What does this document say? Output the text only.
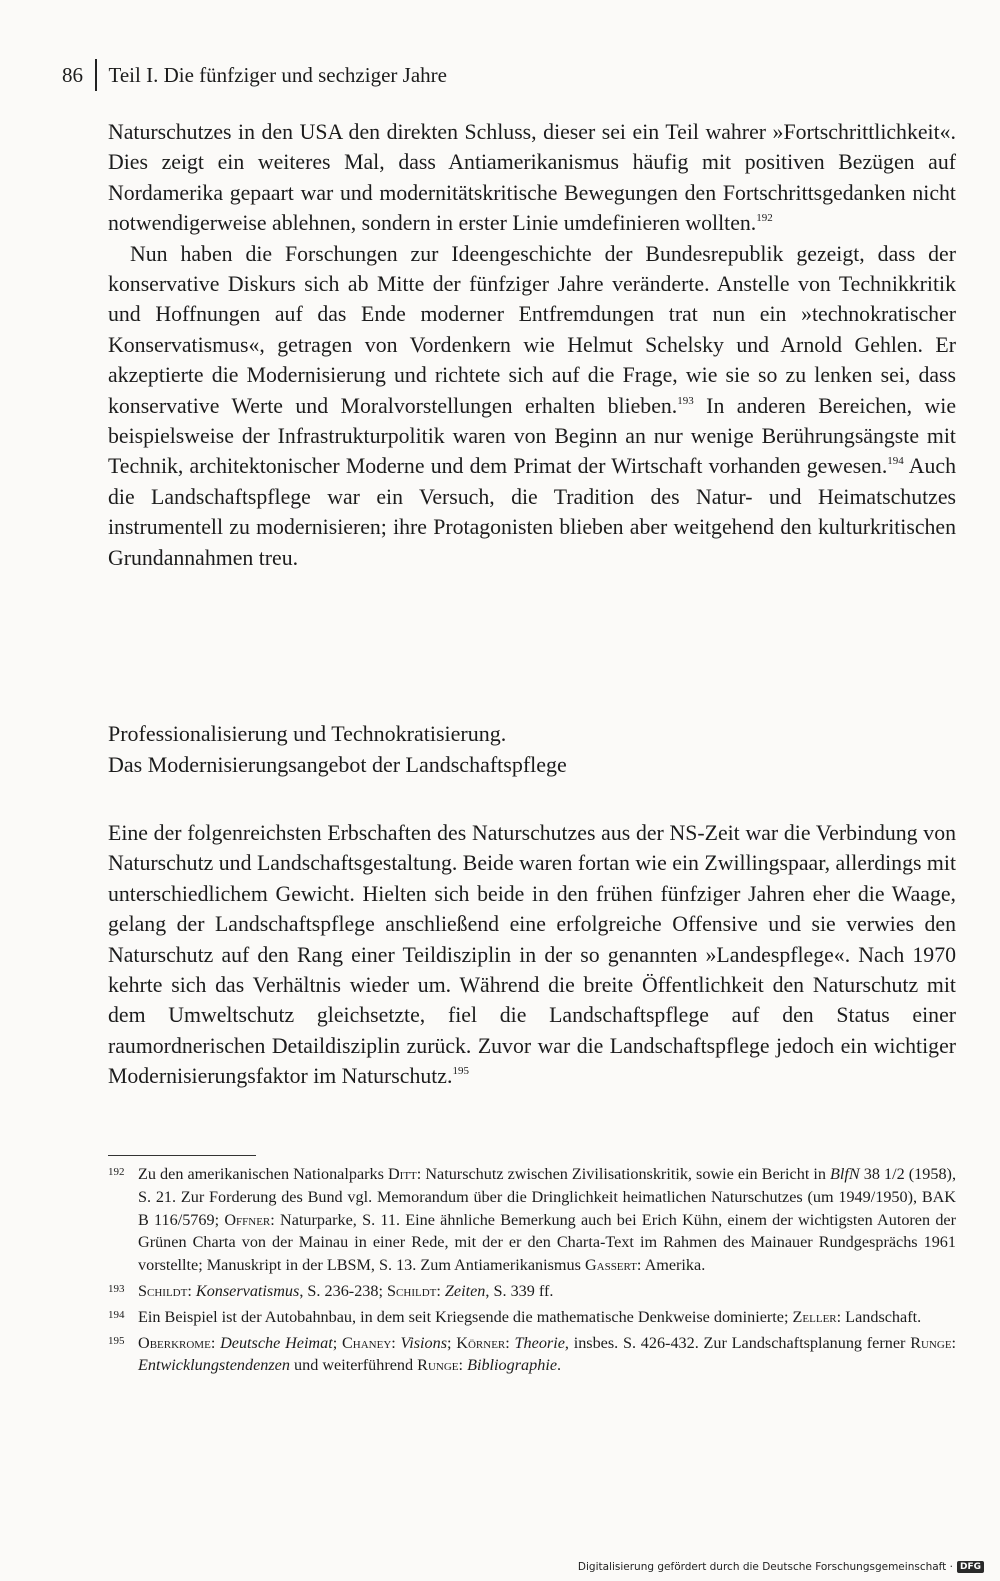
86 Teil I. Die fünfziger und sechziger Jahre

Naturschutzes in den USA den direkten Schluss, dieser sei ein Teil wahrer »Fortschrittlichkeit«. Dies zeigt ein weiteres Mal, dass Antiamerikanismus häufig mit positiven Bezügen auf Nordamerika gepaart war und modernitätskritische Bewegungen den Fortschrittsgedanken nicht notwendigerweise ablehnen, sondern in erster Linie umdefinieren wollten.$^{192}$

Nun haben die Forschungen zur Ideengeschichte der Bundesrepublik gezeigt, dass der konservative Diskurs sich ab Mitte der fünfziger Jahre veränderte. Anstelle von Technikkritik und Hoffnungen auf das Ende moderner Entfremdungen trat nun ein »technokratischer Konservatismus«, getragen von Vordenkern wie Helmut Schelsky und Arnold Gehlen. Er akzeptierte die Modernisierung und richtete sich auf die Frage, wie sie so zu lenken sei, dass konservative Werte und Moralvorstellungen erhalten blieben.$^{193}$ In anderen Bereichen, wie beispielsweise der Infrastrukturpolitik waren von Beginn an nur wenige Berührungsängste mit Technik, architektonischer Moderne und dem Primat der Wirtschaft vorhanden gewesen.$^{194}$ Auch die Landschaftspflege war ein Versuch, die Tradition des Natur- und Heimatschutzes instrumentell zu modernisieren; ihre Protagonisten blieben aber weitgehend den kulturkritischen Grundannahmen treu.

Professionalisierung und Technokratisierung.
Das Modernisierungsangebot der Landschaftspflege

Eine der folgenreichsten Erbschaften des Naturschutzes aus der NS-Zeit war die Verbindung von Naturschutz und Landschaftsgestaltung. Beide waren fortan wie ein Zwillingspaar, allerdings mit unterschiedlichem Gewicht. Hielten sich beide in den frühen fünfziger Jahren eher die Waage, gelang der Landschaftspflege anschließend eine erfolgreiche Offensive und sie verwies den Naturschutz auf den Rang einer Teildisziplin in der so genannten »Landespflege«. Nach 1970 kehrte sich das Verhältnis wieder um. Während die breite Öffentlichkeit den Naturschutz mit dem Umweltschutz gleichsetzte, fiel die Landschaftspflege auf den Status einer raumordnerischen Detaildisziplin zurück. Zuvor war die Landschaftspflege jedoch ein wichtiger Modernisierungsfaktor im Naturschutz.$^{195}$

192 Zu den amerikanischen Nationalparks Ditt: Naturschutz zwischen Zivilisationskritik, sowie ein Bericht in BlfN 38 1/2 (1958), S. 21. Zur Forderung des Bund vgl. Memorandum über die Dringlichkeit heimatlichen Naturschutzes (um 1949/1950), BAK B 116/5769; Offner: Naturparke, S. 11. Eine ähnliche Bemerkung auch bei Erich Kühn, einem der wichtigsten Autoren der Grünen Charta von der Mainau in einer Rede, mit der er den Charta-Text im Rahmen des Mainauer Rundgesprächs 1961 vorstellte; Manuskript in der LBSM, S. 13. Zum Antiamerikanismus Gassert: Amerika.
193 Schildt: Konservatismus, S. 236-238; Schildt: Zeiten, S. 339 ff.
194 Ein Beispiel ist der Autobahnbau, in dem seit Kriegsende die mathematische Denkweise dominierte; Zeller: Landschaft.
195 Oberkrome: Deutsche Heimat; Chaney: Visions; Körner: Theorie, insbes. S. 426-432. Zur Landschaftsplanung ferner Runge: Entwicklungstendenzen und weiterführend Runge: Bibliographie.
Digitalisierung gefördert durch die Deutsche Forschungsgemeinschaft · DFG
